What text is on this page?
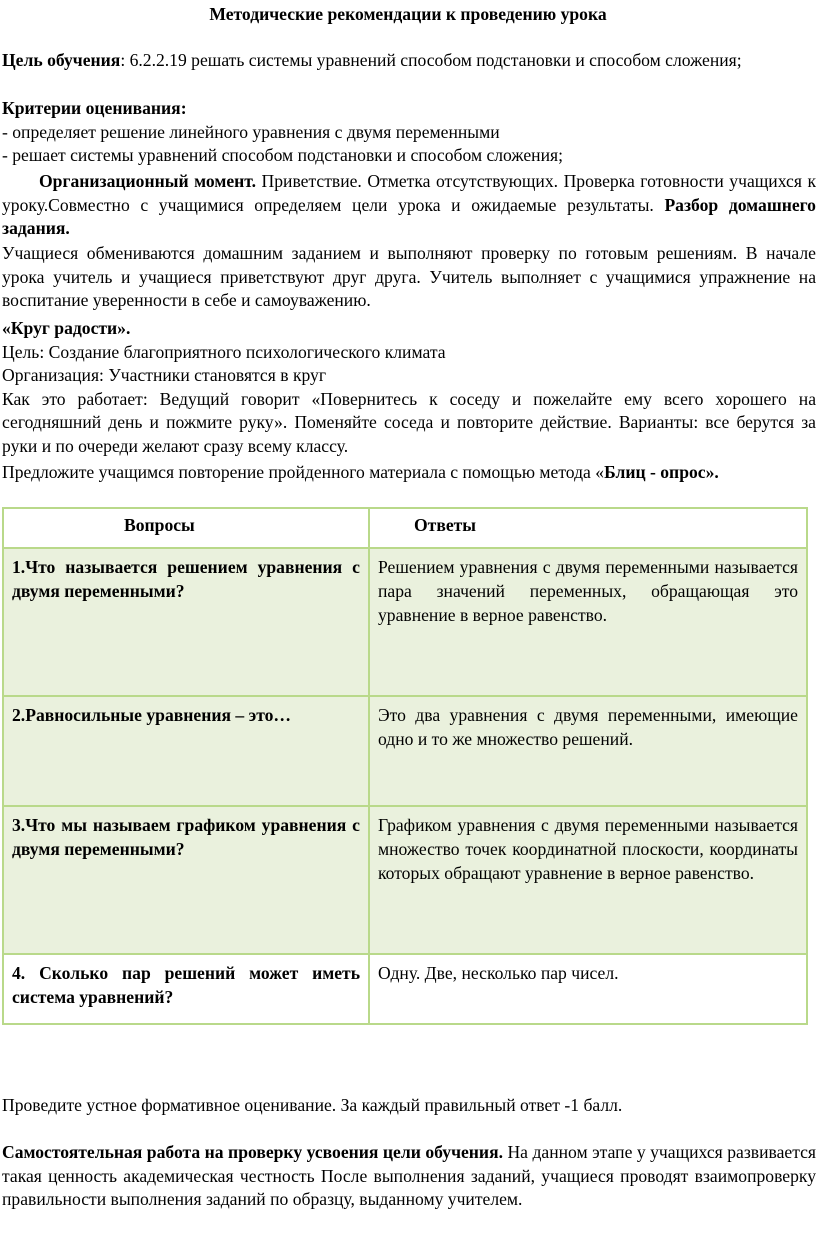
Методические рекомендации к проведению урока

Цель обучения: 6.2.2.19 решать системы уравнений способом подстановки и способом сложения;

Критерии оценивания:

- определяет решение линейного уравнения с двумя переменными

- решает системы уравнений способом подстановки и способом сложения;

Организационный момент. Приветствие. Отметка отсутствующих. Проверка готовности учащихся к уроку.Совместно с учащимися определяем цели урока и ожидаемые результаты. Разбор домашнего задания.

Учащиеся обмениваются домашним заданием и выполняют проверку по готовым решениям. В начале урока учитель и учащиеся приветствуют друг друга. Учитель выполняет с учащимися упражнение на воспитание уверенности в себе и самоуважению.

«Круг радости».

Цель: Создание благоприятного психологического климата

Организация: Участники становятся в круг

Как это работает: Ведущий говорит «Повернитесь к соседу и пожелайте ему всего хорошего на сегодняшний день и пожмите руку». Поменяйте соседа и повторите действие. Варианты: все берутся за руки и по очереди желают сразу всему классу.

Предложите учащимся повторение пройденного материала с помощью метода «Блиц - опрос».

Вопросы	Ответы
1.Что называется решением уравнения с двумя переменными?	Решением уравнения с двумя переменными называется пара значений переменных, обращающая это уравнение в верное равенство.
2.Равносильные уравнения – это…	Это два уравнения с двумя переменными, имеющие одно и то же множество решений.
3.Что мы называем графиком уравнения с двумя переменными?	Графиком уравнения с двумя переменными называется множество точек координатной плоскости, координаты которых обращают уравнение в верное равенство.
4. Сколько пар решений может иметь система уравнений?	Одну. Две, несколько пар чисел.

Проведите устное формативное оценивание. За каждый правильный ответ -1 балл.

Самостоятельная работа на проверку усвоения цели обучения. На данном этапе у учащихся развивается такая ценность академическая честность После выполнения заданий, учащиеся проводят взаимопроверку правильности выполнения заданий по образцу, выданному учителем.
